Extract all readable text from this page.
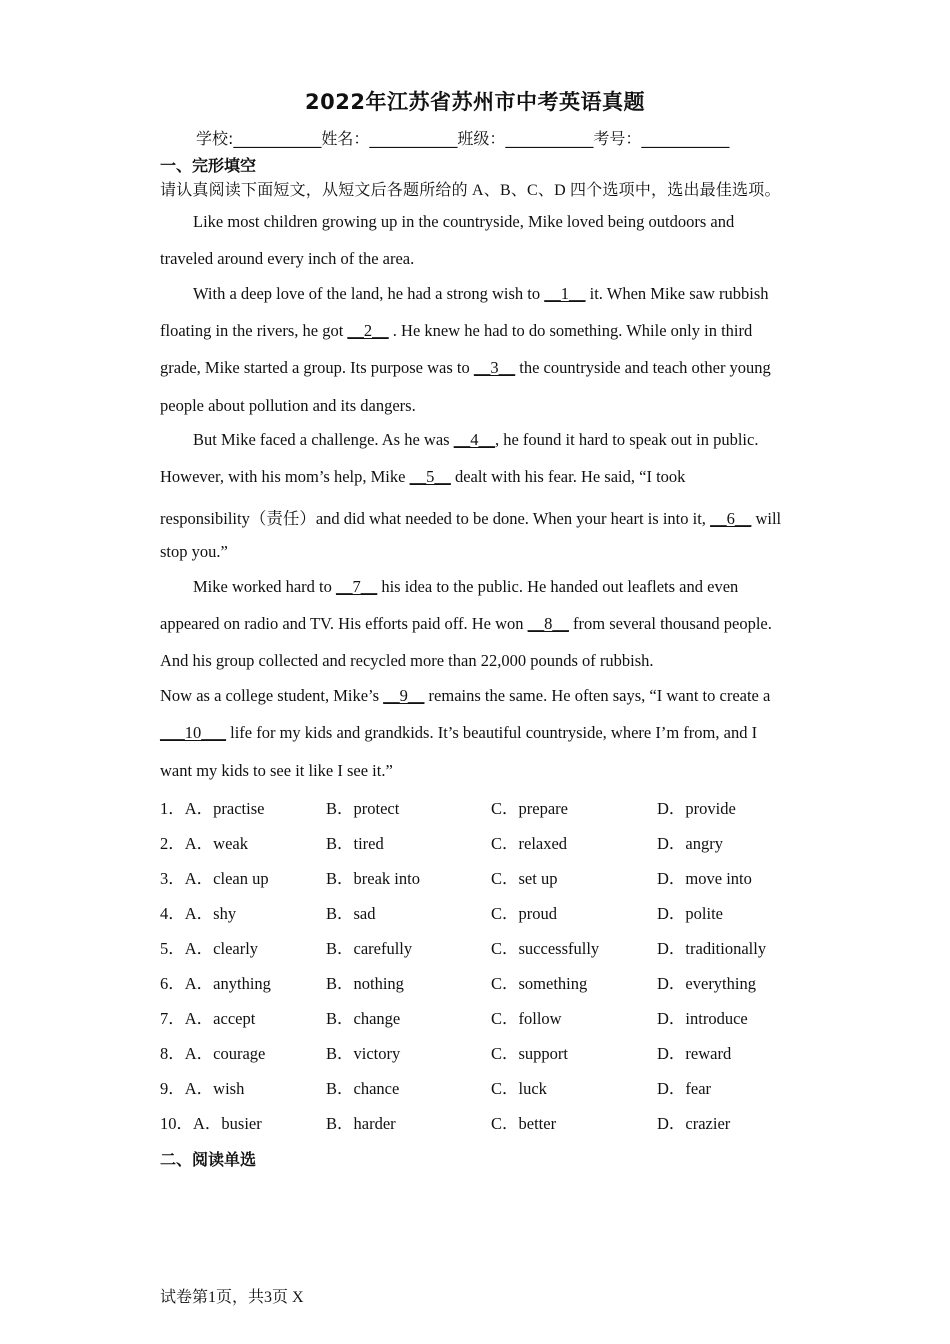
2022年江苏省苏州市中考英语真题
学校:___________姓名：___________班级：___________考号：___________
一、完形填空
请认真阅读下面短文，从短文后各题所给的 A、B、C、D 四个选项中，选出最佳选项。
Like most children growing up in the countryside, Mike loved being outdoors and
traveled around every inch of the area.
With a deep love of the land, he had a strong wish to __1__ it. When Mike saw rubbish
floating in the rivers, he got __2__ . He knew he had to do something. While only in third
grade, Mike started a group. Its purpose was to __3__ the countryside and teach other young
people about pollution and its dangers.
But Mike faced a challenge. As he was __4__, he found it hard to speak out in public.
However, with his mom’s help, Mike __5__ dealt with his fear. He said, “I took
responsibility（责任）and did what needed to be done. When your heart is into it, __6__ will
stop you.”
Mike worked hard to __7__ his idea to the public. He handed out leaflets and even
appeared on radio and TV. His efforts paid off. He won __8__ from several thousand people.
And his group collected and recycled more than 22,000 pounds of rubbish.
Now as a college student, Mike’s __9__ remains the same. He often says, “I want to create a
___10___ life for my kids and grandkids. It’s beautiful countryside, where I’m from, and I
want my kids to see it like I see it.”
1．A．practise	B．protect	C．prepare	D．provide
2．A．weak	B．tired	C．relaxed	D．angry
3．A．clean up	B．break into	C．set up	D．move into
4．A．shy	B．sad	C．proud	D．polite
5．A．clearly	B．carefully	C．successfully	D．traditionally
6．A．anything	B．nothing	C．something	D．everything
7．A．accept	B．change	C．follow	D．introduce
8．A．courage	B．victory	C．support	D．reward
9．A．wish	B．chance	C．luck	D．fear
10．A．busier	B．harder	C．better	D．crazier
二、阅读单选
试卷第1页，共3页 X
